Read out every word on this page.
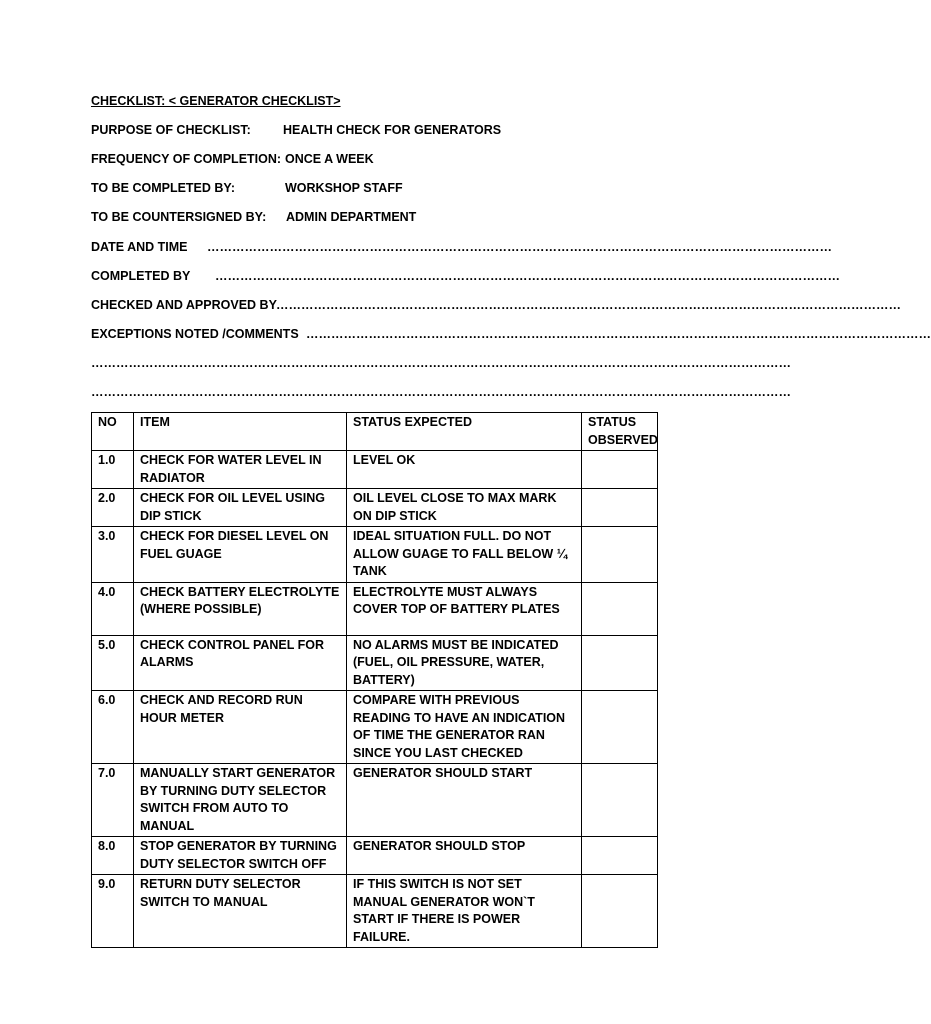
CHECKLIST: < GENERATOR CHECKLIST>
PURPOSE OF CHECKLIST:	HEALTH CHECK FOR GENERATORS
FREQUENCY OF COMPLETION: ONCE A WEEK
TO BE COMPLETED BY:	WORKSHOP STAFF
TO BE COUNTERSIGNED BY: ADMIN DEPARTMENT
DATE AND TIME ……………………………………………………………………………………………………………………………………
COMPLETED BY ……………………………………………………………………………………………………………………………………
CHECKED AND APPROVED BY ……………………………………………………………………………………………………………………………………
EXCEPTIONS NOTED /COMMENTS ……………………………………………………………………………………………………………………………………
……………………………………………………………………………………………………………………………………………………
……………………………………………………………………………………………………………………………………………………
NO	ITEM	STATUS EXPECTED	STATUS OBSERVED
1.0	CHECK FOR WATER LEVEL IN RADIATOR	LEVEL OK	
2.0	CHECK FOR OIL LEVEL USING DIP STICK	OIL LEVEL CLOSE TO MAX MARK ON DIP STICK	
3.0	CHECK FOR DIESEL LEVEL ON FUEL GUAGE	IDEAL SITUATION FULL. DO NOT ALLOW GUAGE TO FALL BELOW ¼ TANK	
4.0	CHECK BATTERY ELECTROLYTE (WHERE POSSIBLE)	ELECTROLYTE MUST ALWAYS COVER TOP OF BATTERY PLATES	
5.0	CHECK CONTROL PANEL FOR ALARMS	NO ALARMS MUST BE INDICATED (FUEL, OIL PRESSURE, WATER, BATTERY)	
6.0	CHECK AND RECORD RUN HOUR METER	COMPARE WITH PREVIOUS READING TO HAVE AN INDICATION OF TIME THE GENERATOR RAN SINCE YOU LAST CHECKED	
7.0	MANUALLY START GENERATOR BY TURNING DUTY SELECTOR SWITCH FROM AUTO TO MANUAL	GENERATOR SHOULD START	
8.0	STOP GENERATOR BY TURNING DUTY SELECTOR SWITCH OFF	GENERATOR SHOULD STOP	
9.0	RETURN DUTY SELECTOR SWITCH TO MANUAL	IF THIS SWITCH IS NOT SET MANUAL GENERATOR WON`T START IF THERE IS POWER FAILURE.	
